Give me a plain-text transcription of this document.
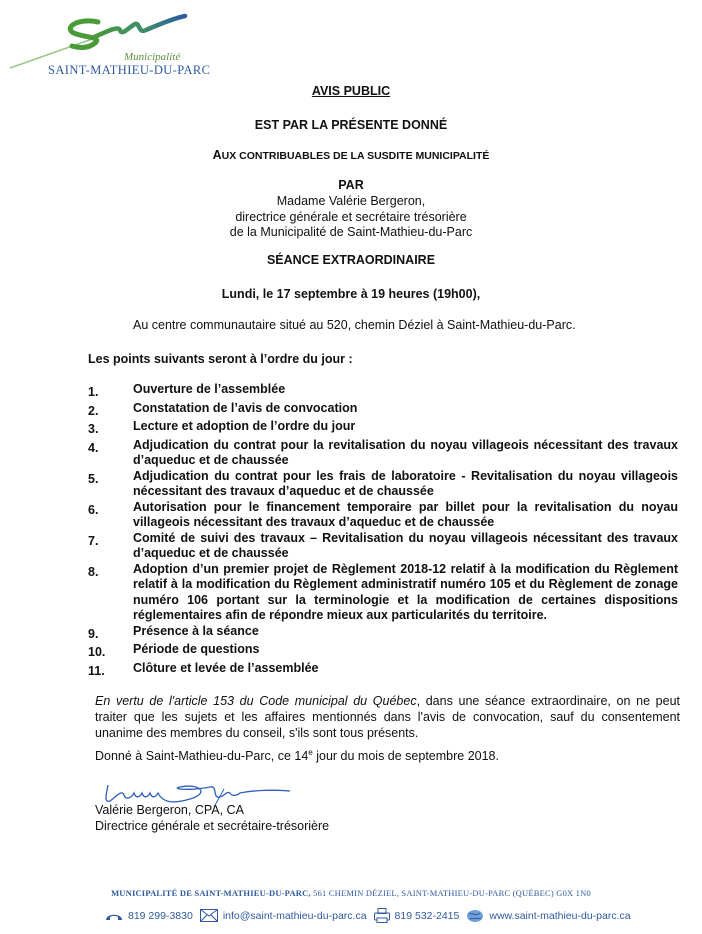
Municipalité
SAINT-MATHIEU-DU-PARC
AVIS PUBLIC
EST PAR LA PRÉSENTE DONNÉ
AUX CONTRIBUABLES DE LA SUSDITE MUNICIPALITÉ
PAR
Madame Valérie Bergeron,
directrice générale et secrétaire trésorière
de la Municipalité de Saint-Mathieu-du-Parc
SÉANCE EXTRAORDINAIRE
Lundi, le 17 septembre à 19 heures (19h00),
Au centre communautaire situé au 520, chemin Déziel à Saint-Mathieu-du-Parc.
Les points suivants seront à l’ordre du jour :
1.	Ouverture de l’assemblée
2.	Constatation de l’avis de convocation
3.	Lecture et adoption de l’ordre du jour
4.	Adjudication du contrat pour la revitalisation du noyau villageois nécessitant des travaux d’aqueduc et de chaussée
5.	Adjudication du contrat pour les frais de laboratoire - Revitalisation du noyau villageois nécessitant des travaux d’aqueduc et de chaussée
6.	Autorisation pour le financement temporaire par billet pour la revitalisation du noyau villageois nécessitant des travaux d’aqueduc et de chaussée
7.	Comité de suivi des travaux – Revitalisation du noyau villageois nécessitant des travaux d’aqueduc et de chaussée
8.	Adoption d’un premier projet de Règlement 2018-12 relatif à la modification du Règlement relatif à la modification du Règlement administratif numéro 105 et du Règlement de zonage numéro 106 portant sur la terminologie et la modification de certaines dispositions réglementaires afin de répondre mieux aux particularités du territoire.
9.	Présence à la séance
10.	Période de questions
11.	Clôture et levée de l’assemblée
En vertu de l'article 153 du Code municipal du Québec, dans une séance extraordinaire, on ne peut traiter que les sujets et les affaires mentionnés dans l'avis de convocation, sauf du consentement unanime des membres du conseil, s'ils sont tous présents.
Donné à Saint-Mathieu-du-Parc, ce 14e jour du mois de septembre 2018.
Valérie Bergeron, CPA, CA
Directrice générale et secrétaire-trésorière
MUNICIPALITÉ DE SAINT-MATHIEU-DU-PARC, 561 CHEMIN DÉZIEL, SAINT-MATHIEU-DU-PARC (QUÉBEC) G0X 1N0
819 299-3830	info@saint-mathieu-du-parc.ca	819 532-2415	www.saint-mathieu-du-parc.ca
